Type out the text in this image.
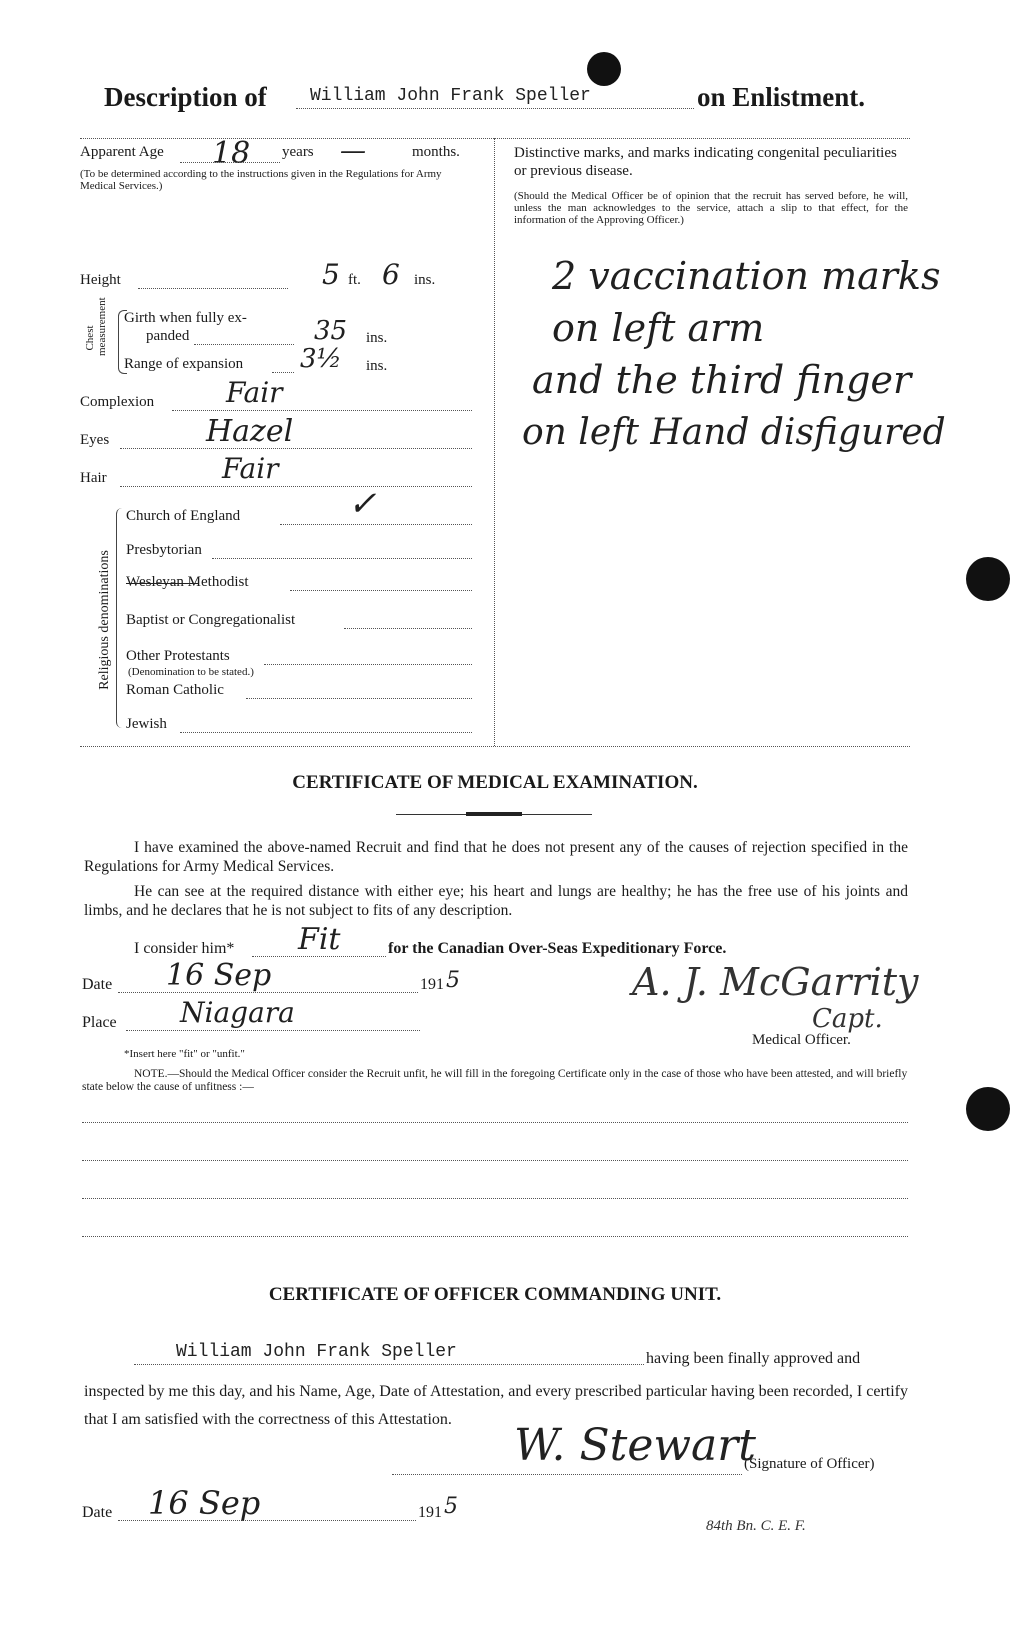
Description of William John Frank Speller	on Enlistment.
Apparent Age 18 years —	months.
(To be determined according to the instructions given in the Regulations for Army Medical Services.)
Height	5 ft. 6 ins.
Chest measurement Girth when fully ex-
panded	35 ins.
Range of expansion 3½ ins.
Complexion	Fair
Eyes	Hazel
Hair	Fair
Religious denominations
Church of England	✓
Presbytorian
Wesleyan Methodist
Baptist or Congregationalist
Other Protestants
(Denomination to be stated.)
Roman Catholic
Jewish
Distinctive marks, and marks indicating congenital peculiarities or previous disease.
(Should the Medical Officer be of opinion that the recruit has served before, he will, unless the man acknowledges to the service, attach a slip to that effect, for the information of the Approving Officer.)
2 vaccination marks
on left arm
and the third finger
on left Hand disfigured
CERTIFICATE OF MEDICAL EXAMINATION.
I have examined the above-named Recruit and find that he does not present any of the causes of rejection specified in the Regulations for Army Medical Services.
He can see at the required distance with either eye; his heart and lungs are healthy; he has the free use of his joints and limbs, and he declares that he is not subject to fits of any description.
I consider him* Fit	for the Canadian Over-Seas Expeditionary Force.
Date 16 Sep	191 5
Place Niagara
*Insert here "fit" or "unfit."
A. J. McGarrity
Capt.
Medical Officer.
NOTE.—Should the Medical Officer consider the Recruit unfit, he will fill in the foregoing Certificate only in the case of those who have been attested, and will briefly state below the cause of unfitness :—
CERTIFICATE OF OFFICER COMMANDING UNIT.
William John Frank Speller	having been finally approved and
inspected by me this day, and his Name, Age, Date of Attestation, and every prescribed particular having been recorded, I certify that I am satisfied with the correctness of this Attestation.
W. Stewart
(Signature of Officer)
Date 16 Sep	191 5
84th Bn. C. E. F.
